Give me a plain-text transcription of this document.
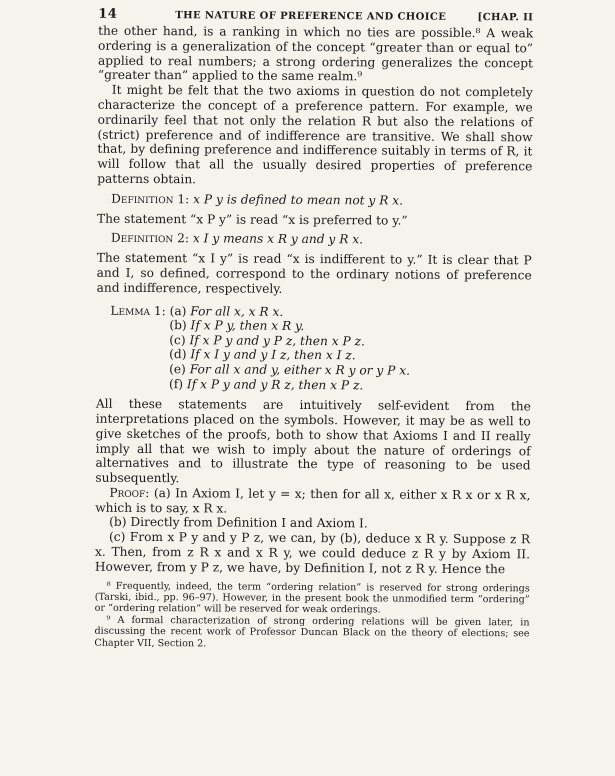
14	THE NATURE OF PREFERENCE AND CHOICE	[CHAP. II

the other hand, is a ranking in which no ties are possible.⁸ A weak ordering is a generalization of the concept “greater than or equal to” applied to real numbers; a strong ordering generalizes the concept “greater than” applied to the same realm.⁹

It might be felt that the two axioms in question do not completely characterize the concept of a preference pattern. For example, we ordinarily feel that not only the relation R but also the relations of (strict) preference and of indifference are transitive. We shall show that, by defining preference and indifference suitably in terms of R, it will follow that all the usually desired properties of preference patterns obtain.

Definition 1: x P y is defined to mean not y R x.

The statement “x P y” is read “x is preferred to y.”

Definition 2: x I y means x R y and y R x.

The statement “x I y” is read “x is indifferent to y.” It is clear that P and I, so defined, correspond to the ordinary notions of preference and indifference, respectively.

Lemma 1: (a) For all x, x R x.
(b) If x P y, then x R y.
(c) If x P y and y P z, then x P z.
(d) If x I y and y I z, then x I z.
(e) For all x and y, either x R y or y P x.
(f) If x P y and y R z, then x P z.

All these statements are intuitively self-evident from the interpretations placed on the symbols. However, it may be as well to give sketches of the proofs, both to show that Axioms I and II really imply all that we wish to imply about the nature of orderings of alternatives and to illustrate the type of reasoning to be used subsequently.

Proof: (a) In Axiom I, let y = x; then for all x, either x R x or x R x, which is to say, x R x.

(b) Directly from Definition I and Axiom I.

(c) From x P y and y P z, we can, by (b), deduce x R y. Suppose z R x. Then, from z R x and x R y, we could deduce z R y by Axiom II. However, from y P z, we have, by Definition I, not z R y. Hence the

⁸ Frequently, indeed, the term “ordering relation” is reserved for strong orderings (Tarski, ibid., pp. 96–97). However, in the present book the unmodified term “ordering” or “ordering relation” will be reserved for weak orderings.

⁹ A formal characterization of strong ordering relations will be given later, in discussing the recent work of Professor Duncan Black on the theory of elections; see Chapter VII, Section 2.
